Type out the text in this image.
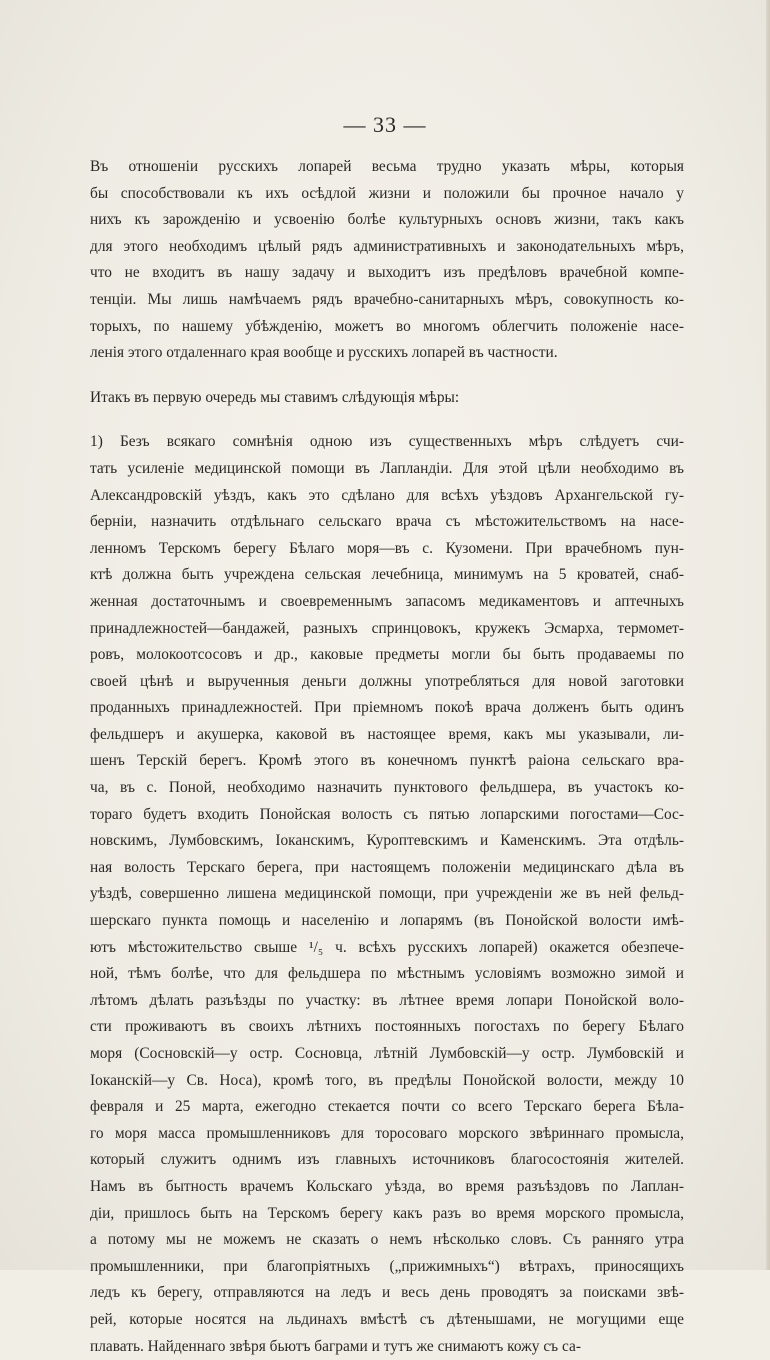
— 33 —
Въ отношеніи русскихъ лопарей весьма трудно указать мѣры, которыя
бы способствовали къ ихъ осѣдлой жизни и положили бы прочное начало у
нихъ къ зарожденію и усвоенію болѣе культурныхъ основъ жизни, такъ какъ
для этого необходимъ цѣлый рядъ административныхъ и законодательныхъ мѣръ,
что не входитъ въ нашу задачу и выходитъ изъ предѣловъ врачебной компе-
тенціи. Мы лишь намѣчаемъ рядъ врачебно-санитарныхъ мѣръ, совокупность ко-
торыхъ, по нашему убѣжденію, можетъ во многомъ облегчить положеніе насе-
ленія этого отдаленнаго края вообще и русскихъ лопарей въ частности.
Итакъ въ первую очередь мы ставимъ слѣдующія мѣры:
1) Безъ всякаго сомнѣнія одною изъ существенныхъ мѣръ слѣдуетъ счи-
тать усиленіе медицинской помощи въ Лапландіи. Для этой цѣли необходимо въ
Александровскій уѣздъ, какъ это сдѣлано для всѣхъ уѣздовъ Архангельской гу-
берніи, назначить отдѣльнаго сельскаго врача съ мѣстожительствомъ на насе-
ленномъ Терскомъ берегу Бѣлаго моря—въ с. Кузомени. При врачебномъ пун-
ктѣ должна быть учреждена сельская лечебница, минимумъ на 5 кроватей, снаб-
женная достаточнымъ и своевременнымъ запасомъ медикаментовъ и аптечныхъ
принадлежностей—бандажей, разныхъ спринцовокъ, кружекъ Эсмарха, термомет-
ровъ, молокоотсосовъ и др., каковые предметы могли бы быть продаваемы по
своей цѣнѣ и вырученныя деньги должны употребляться для новой заготовки
проданныхъ принадлежностей. При пріемномъ покоѣ врача долженъ быть одинъ
фельдшеръ и акушерка, каковой въ настоящее время, какъ мы указывали, ли-
шенъ Терскій берегъ. Кромѣ этого въ конечномъ пунктѣ раіона сельскаго вра-
ча, въ с. Поной, необходимо назначить пунктового фельдшера, въ участокъ ко-
тораго будетъ входить Понойская волость съ пятью лопарскими погостами—Сос-
новскимъ, Лумбовскимъ, Іоканскимъ, Куроптевскимъ и Каменскимъ. Эта отдѣль-
ная волость Терскаго берега, при настоящемъ положеніи медицинскаго дѣла въ
уѣздѣ, совершенно лишена медицинской помощи, при учрежденіи же въ ней фельд-
шерскаго пункта помощь и населенію и лопарямъ (въ Понойской волости имѣ-
ютъ мѣстожительство свыше ¹/₅ ч. всѣхъ русскихъ лопарей) окажется обезпече-
ной, тѣмъ болѣе, что для фельдшера по мѣстнымъ условіямъ возможно зимой и
лѣтомъ дѣлать разъѣзды по участку: въ лѣтнее время лопари Понойской воло-
сти проживаютъ въ своихъ лѣтнихъ постоянныхъ погостахъ по берегу Бѣлаго
моря (Сосновскій—у остр. Сосновца, лѣтній Лумбовскій—у остр. Лумбовскій и
Іоканскій—у Св. Носа), кромѣ того, въ предѣлы Понойской волости, между 10
февраля и 25 марта, ежегодно стекается почти со всего Терскаго берега Бѣла-
го моря масса промышленниковъ для торосоваго морского звѣриннаго промысла,
который служитъ однимъ изъ главныхъ источниковъ благосостоянія жителей.
Намъ въ бытность врачемъ Кольскаго уѣзда, во время разъѣздовъ по Лаплан-
діи, пришлось быть на Терскомъ берегу какъ разъ во время морского промысла,
а потому мы не можемъ не сказать о немъ нѣсколько словъ. Съ ранняго утра
промышленники, при благопріятныхъ („прижимныхъ“) вѣтрахъ, приносящихъ
ледъ къ берегу, отправляются на ледъ и весь день проводятъ за поисками звѣ-
рей, которые носятся на льдинахъ вмѣстѣ съ дѣтенышами, не могущими еще
плавать. Найденнаго звѣря бьютъ баграми и тутъ же снимаютъ кожу съ са-
